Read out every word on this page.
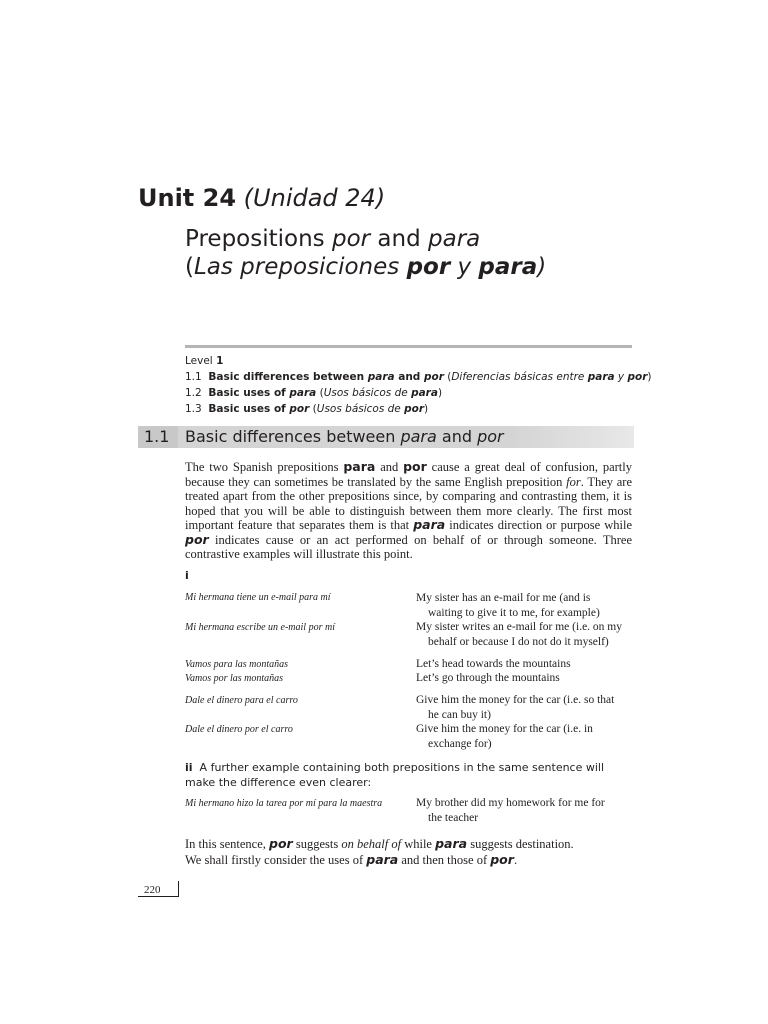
Unit 24 (Unidad 24)
Prepositions por and para
(Las preposiciones por y para)
Level 1
1.1 Basic differences between para and por (Diferencias básicas entre para y por)
1.2 Basic uses of para (Usos básicos de para)
1.3 Basic uses of por (Usos básicos de por)
1.1 Basic differences between para and por
The two Spanish prepositions para and por cause a great deal of confusion, partly because they can sometimes be translated by the same English preposition for. They are treated apart from the other prepositions since, by comparing and contrasting them, it is hoped that you will be able to distinguish between them more clearly. The first most important feature that separates them is that para indicates direction or purpose while por indicates cause or an act performed on behalf of or through someone. Three contrastive examples will illustrate this point.
i
Mi hermana tiene un e-mail para mí	My sister has an e-mail for me (and is
waiting to give it to me, for example)
Mi hermana escribe un e-mail por mí	My sister writes an e-mail for me (i.e. on my
behalf or because I do not do it myself)
Vamos para las montañas	Let’s head towards the mountains
Vamos por las montañas	Let’s go through the mountains
Dale el dinero para el carro	Give him the money for the car (i.e. so that
he can buy it)
Dale el dinero por el carro	Give him the money for the car (i.e. in
exchange for)
ii A further example containing both prepositions in the same sentence will make the difference even clearer:
Mi hermano hizo la tarea por mí para la maestra	My brother did my homework for me for
the teacher
In this sentence, por suggests on behalf of while para suggests destination.
We shall firstly consider the uses of para and then those of por.
220
